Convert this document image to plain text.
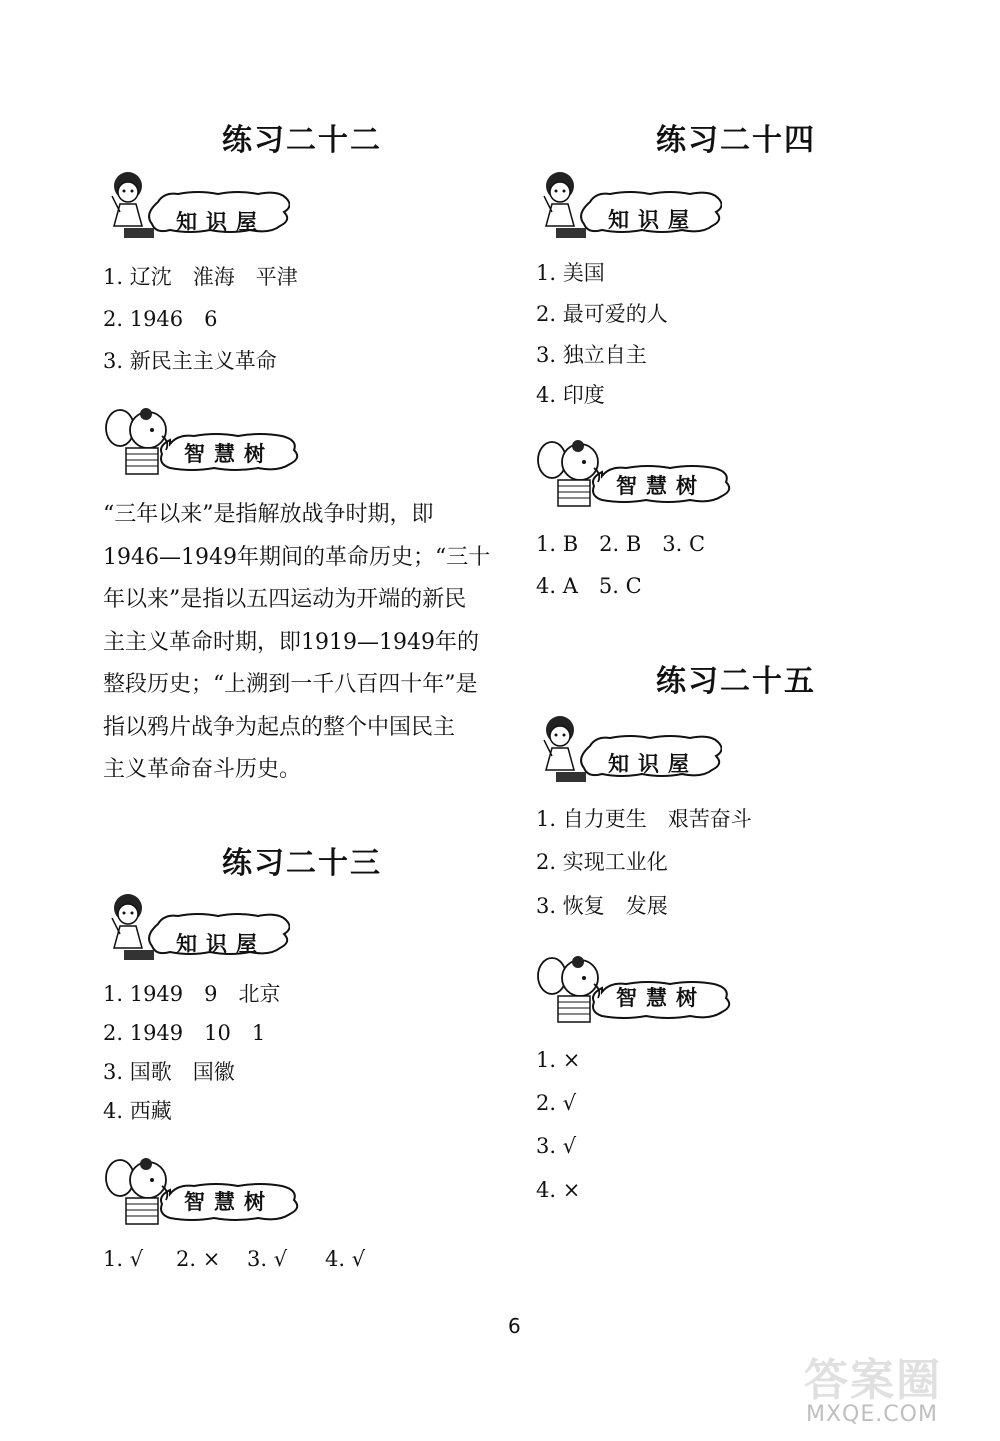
练习二十二
知识屋
1. 辽沈　淮海　平津
2. 1946　6
3. 新民主主义革命
智慧树
“三年以来”是指解放战争时期，即
1946—1949年期间的革命历史；“三十
年以来”是指以五四运动为开端的新民
主主义革命时期，即1919—1949年的
整段历史；“上溯到一千八百四十年”是
指以鸦片战争为起点的整个中国民主
主义革命奋斗历史。
练习二十三
知识屋
1. 1949　9　北京
2. 1949　10　1
3. 国歌　国徽
4. 西藏
智慧树
1. √ 2. × 3. √ 4. √
练习二十四
知识屋
1. 美国
2. 最可爱的人
3. 独立自主
4. 印度
智慧树
1. B　2. B　3. C
4. A　5. C
练习二十五
知识屋
1. 自力更生　艰苦奋斗
2. 实现工业化
3. 恢复　发展
智慧树
1. ×
2. √
3. √
4. ×
6
答案圈
MXQE.COM
